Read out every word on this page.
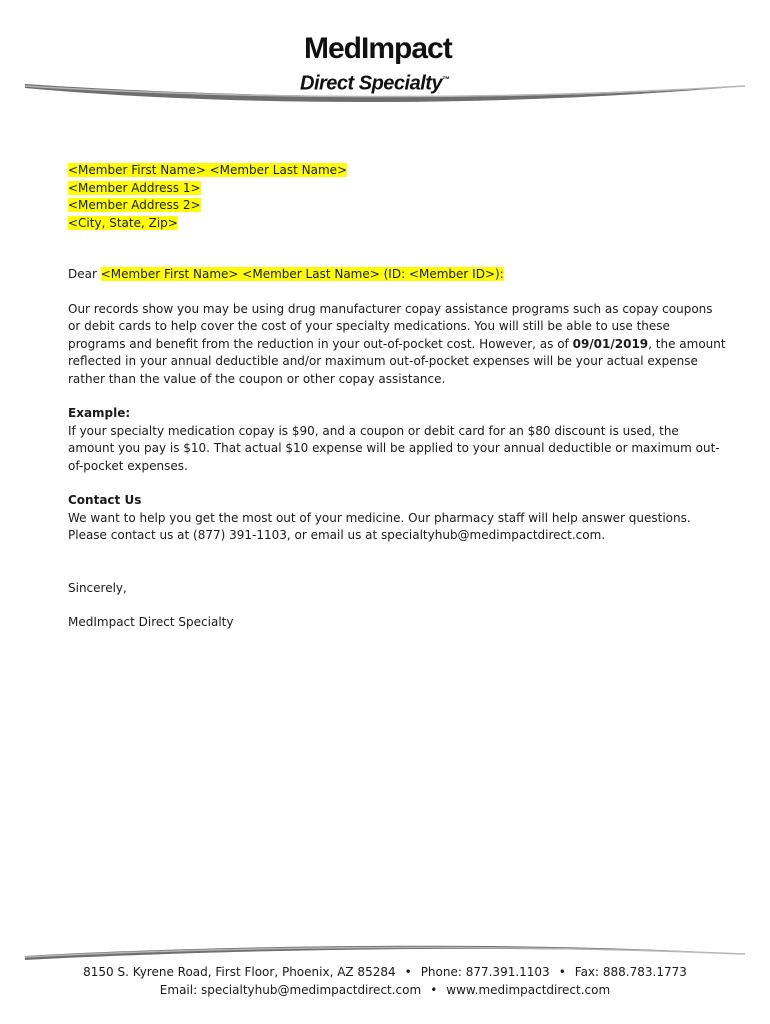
MedImpact
Direct Specialty™
<Member First Name> <Member Last Name>
<Member Address 1>
<Member Address 2>
<City, State, Zip>

Dear <Member First Name> <Member Last Name> (ID: <Member ID>):

Our records show you may be using drug manufacturer copay assistance programs such as copay coupons or debit cards to help cover the cost of your specialty medications. You will still be able to use these programs and benefit from the reduction in your out-of-pocket cost. However, as of 09/01/2019, the amount reflected in your annual deductible and/or maximum out-of-pocket expenses will be your actual expense rather than the value of the coupon or other copay assistance.

Example:

If your specialty medication copay is $90, and a coupon or debit card for an $80 discount is used, the amount you pay is $10. That actual $10 expense will be applied to your annual deductible or maximum out-of-pocket expenses.

Contact Us

We want to help you get the most out of your medicine. Our pharmacy staff will help answer questions.

Please contact us at (877) 391-1103, or email us at specialtyhub@medimpactdirect.com.

Sincerely,

MedImpact Direct Specialty

8150 S. Kyrene Road, First Floor, Phoenix, AZ 85284 • Phone: 877.391.1103 • Fax: 888.783.1773
Email: specialtyhub@medimpactdirect.com • www.medimpactdirect.com
